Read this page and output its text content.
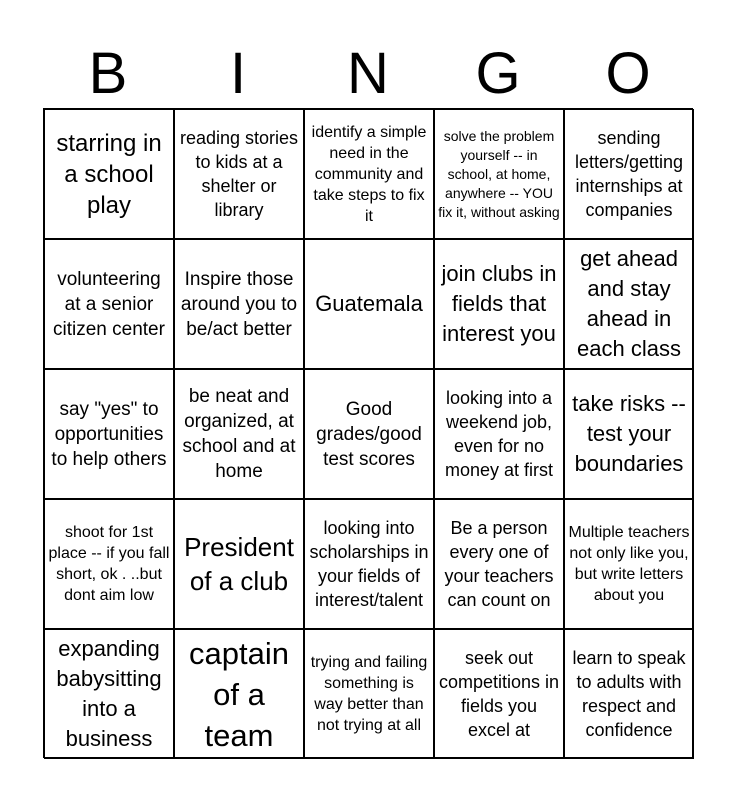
B	I	N	G	O
starring in a school play
reading stories to kids at a shelter or library
identify a simple need in the community and take steps to fix it
solve the problem yourself -- in school, at home, anywhere -- YOU fix it, without asking
sending letters/getting internships at companies
volunteering at a senior citizen center
Inspire those around you to be/act better
Guatemala
join clubs in fields that interest you
get ahead and stay ahead in each class
say "yes" to opportunities to help others
be neat and organized, at school and at home
Good grades/good test scores
looking into a weekend job, even for no money at first
take risks -- test your boundaries
shoot for 1st place -- if you fall short, ok . ..but dont aim low
President of a club
looking into scholarships in your fields of interest/talent
Be a person every one of your teachers can count on
Multiple teachers not only like you, but write letters about you
expanding babysitting into a business
captain of a team
trying and failing something is way better than not trying at all
seek out competitions in fields you excel at
learn to speak to adults with respect and confidence
